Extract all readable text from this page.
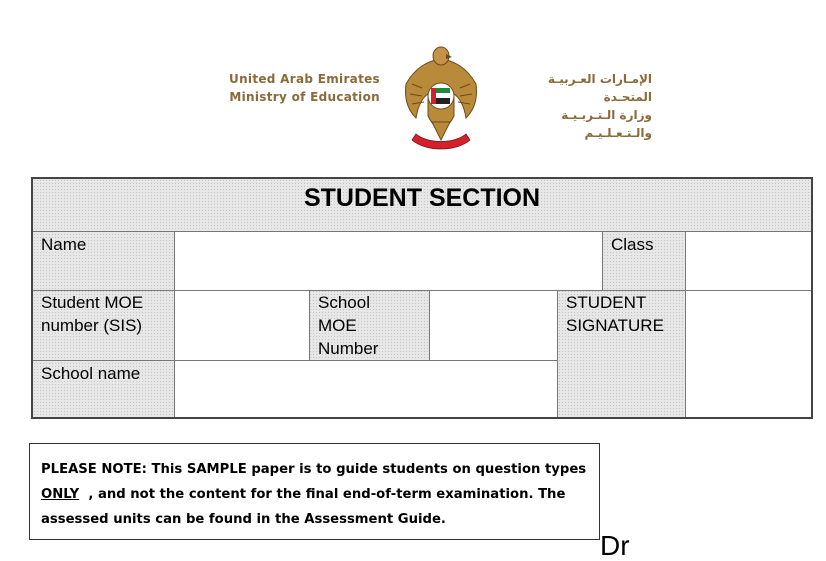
United Arab Emirates
Ministry of Education
الإمـارات العـربيـة المتحـدة
وزارة الـتـربـيـة والـتـعـلـيـم
STUDENT SECTION
Name	Class
Student MOE
number (SIS)
School
MOE
Number
STUDENT
SIGNATURE
School name
PLEASE NOTE: This SAMPLE paper is to guide students on question types
ONLY , and not the content for the final end-of-term examination. The
assessed units can be found in the Assessment Guide.
Dr
